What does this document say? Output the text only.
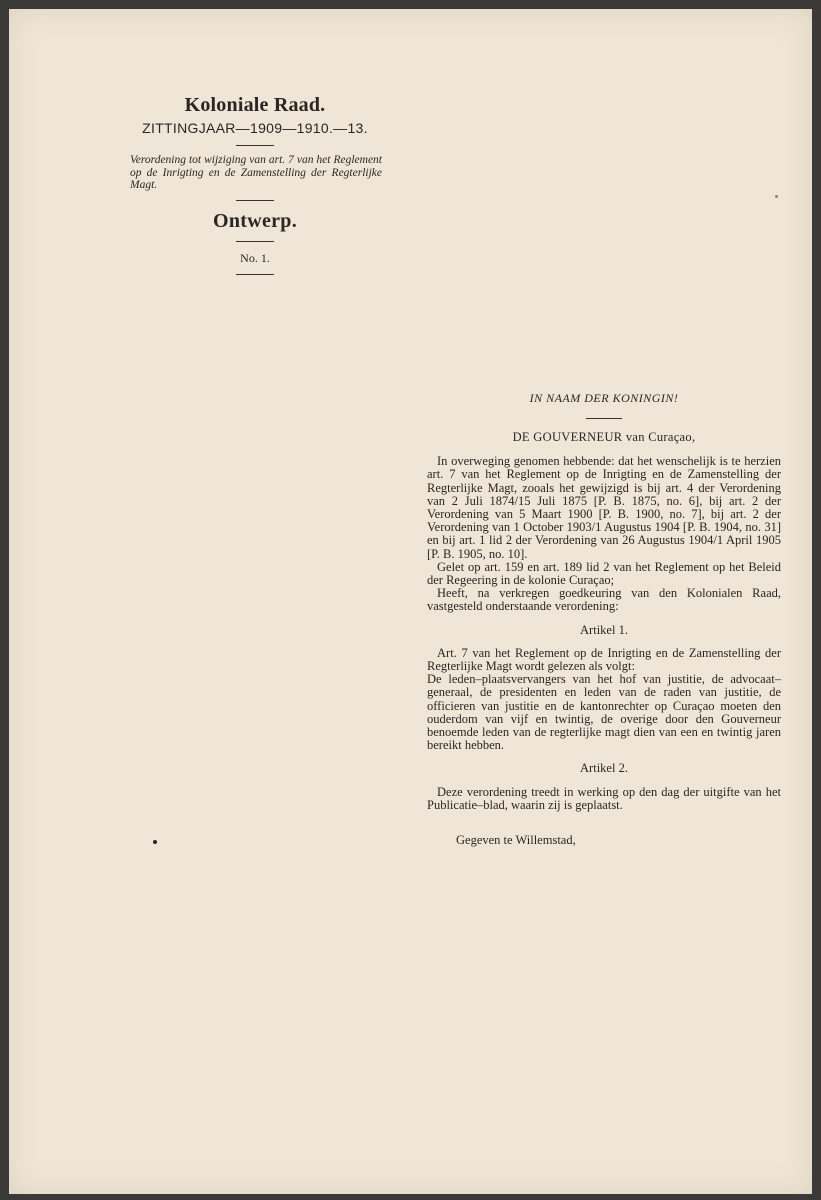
Koloniale Raad.

ZITTINGJAAR—1909—1910.—13.

Verordening tot wijziging van art. 7 van het Reglement op de Inrigting en de Zamenstelling der Regterlijke Magt.

Ontwerp.

No. 1.

IN NAAM DER KONINGIN!

DE GOUVERNEUR van Curaçao,

In overweging genomen hebbende: dat het wenschelijk is te herzien art. 7 van het Reglement op de Inrigting en de Zamenstelling der Regterlijke Magt, zooals het gewijzigd is bij art. 4 der Verordening van 2 Juli 1874/15 Juli 1875 [P. B. 1875, no. 6], bij art. 2 der Verordening van 5 Maart 1900 [P. B. 1900, no. 7], bij art. 2 der Verordening van 1 October 1903/1 Augustus 1904 [P. B. 1904, no. 31] en bij art. 1 lid 2 der Verordening van 26 Augustus 1904/1 April 1905 [P. B. 1905, no. 10].

Gelet op art. 159 en art. 189 lid 2 van het Reglement op het Beleid der Regeering in de kolonie Curaçao;

Heeft, na verkregen goedkeuring van den Kolonialen Raad, vastgesteld onderstaande verordening:

Artikel 1.

Art. 7 van het Reglement op de Inrigting en de Zamenstelling der Regterlijke Magt wordt gelezen als volgt:

De leden–plaatsvervangers van het hof van justitie, de advocaat–generaal, de presidenten en leden van de raden van justitie, de officieren van justitie en de kantonrechter op Curaçao moeten den ouderdom van vijf en twintig, de overige door den Gouverneur benoemde leden van de regterlijke magt dien van een en twintig jaren bereikt hebben.

Artikel 2.

Deze verordening treedt in werking op den dag der uitgifte van het Publicatie–blad, waarin zij is geplaatst.

Gegeven te Willemstad,
